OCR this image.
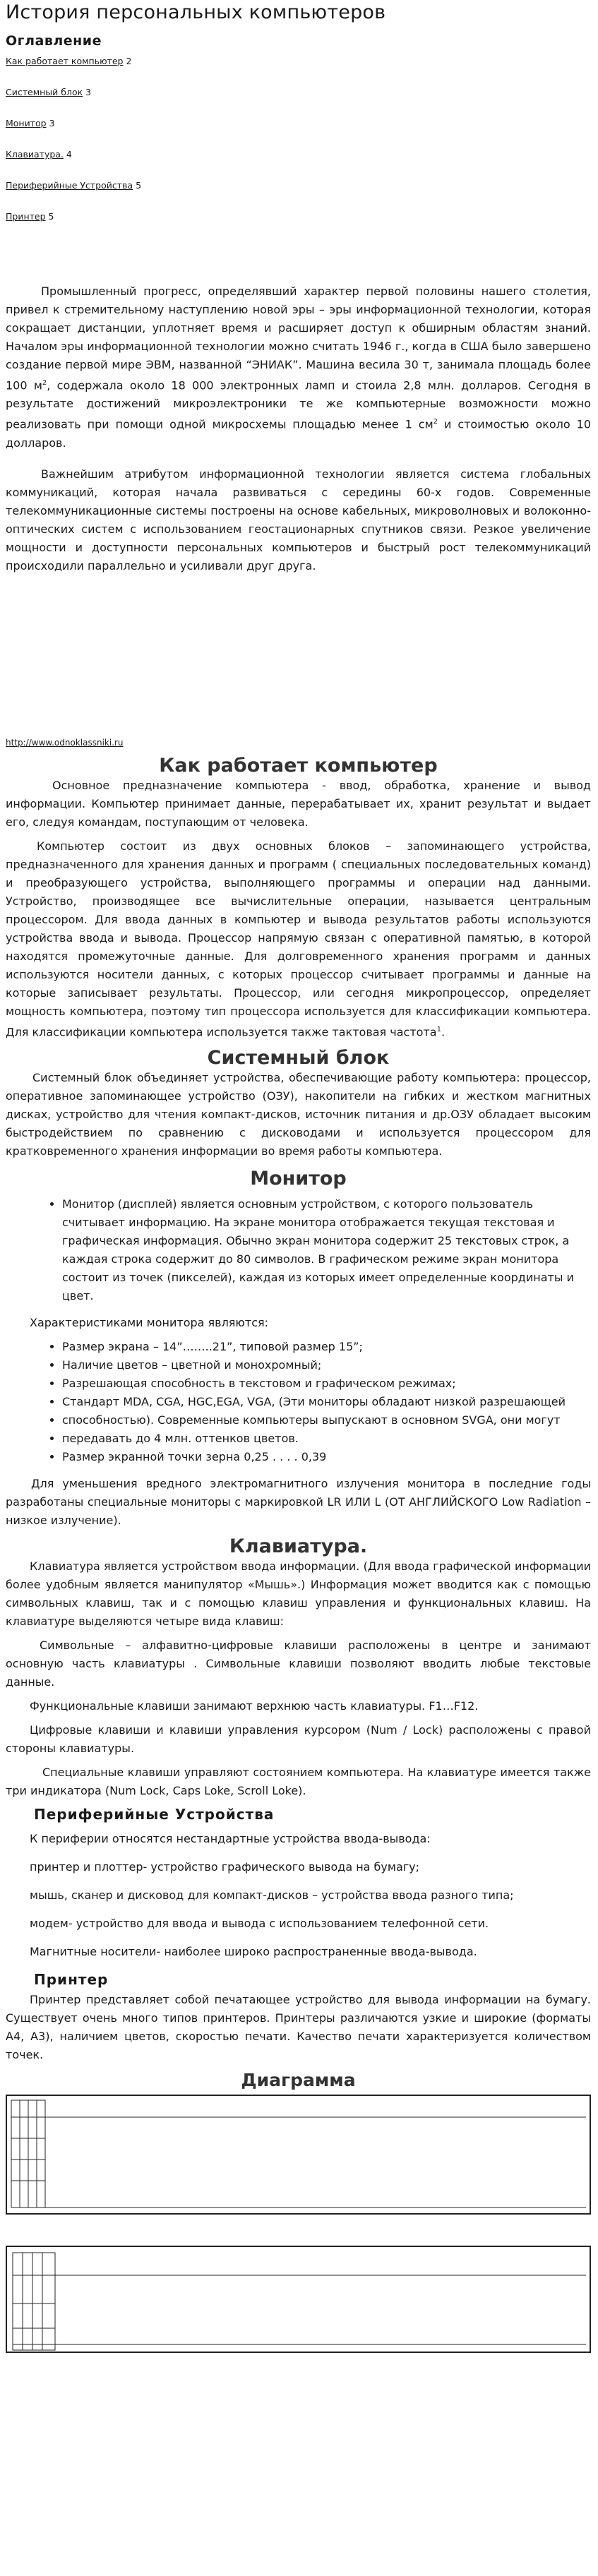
История персональных компьютеров
Оглавление
Как работает компьютер 2
Системный блок 3
Монитор 3
Клавиатура. 4
Периферийные Устройства 5
Принтер 5

Промышленный прогресс, определявший характер первой половины нашего столетия, привел к стремительному наступлению новой эры – эры информационной технологии, которая сокращает дистанции, уплотняет время и расширяет доступ к обширным областям знаний. Началом эры информационной технологии можно считать 1946 г., когда в США было завершено создание первой мире ЭВМ, названной “ЭНИАК”. Машина весила 30 т, занимала площадь более 100 $м^2$, содержала около 18 000 электронных ламп и стоила 2,8 млн. долларов. Сегодня в результате достижений микроэлектроники те же компьютерные возможности можно реализовать при помощи одной микросхемы площадью менее 1 $см^2$ и стоимостью около 10 долларов.

Важнейшим атрибутом информационной технологии является система глобальных коммуникаций, которая начала развиваться с середины 60-х годов. Современные телекоммуникационные системы построены на основе кабельных, микроволновых и волоконно-оптических систем с использованием геостационарных спутников связи. Резкое увеличение мощности и доступности персональных компьютеров и быстрый рост телекоммуникаций происходили параллельно и усиливали друг друга.

http://www.odnoklassniki.ru

Как работает компьютер

Основное предназначение компьютера - ввод, обработка, хранение и вывод информации. Компьютер принимает данные, перерабатывает их, хранит результат и выдает его, следуя командам, поступающим от человека.

Компьютер состоит из двух основных блоков – запоминающего устройства, предназначенного для хранения данных и программ ( специальных последовательных команд) и преобразующего устройства, выполняющего программы и операции над данными. Устройство, производящее все вычислительные операции, называется центральным процессором. Для ввода данных в компьютер и вывода результатов работы используются устройства ввода и вывода. Процессор напрямую связан с оперативной памятью, в которой находятся промежуточные данные. Для долговременного хранения программ и данных используются носители данных, с которых процессор считывает программы и данные на которые записывает результаты. Процессор, или сегодня микропроцессор, определяет мощность компьютера, поэтому тип процессора используется для классификации компьютера. Для классификации компьютера используется также тактовая частота$^1$.

Системный блок

Системный блок объединяет устройства, обеспечивающие работу компьютера: процессор, оперативное запоминающее устройство (ОЗУ), накопители на гибких и жестком магнитных дисках, устройство для чтения компакт-дисков, источник питания и др.ОЗУ обладает высоким быстродействием по сравнению с дисководами и используется процессором для кратковременного хранения информации во время работы компьютера.

Монитор
• Монитор (дисплей) является основным устройством, с которого пользователь считывает информацию. На экране монитора отображается текущая текстовая и графическая информация. Обычно экран монитора содержит 25 текстовых строк, а каждая строка содержит до 80 символов. В графическом режиме экран монитора состоит из точек (пикселей), каждая из которых имеет определенные координаты и цвет.

Характеристиками монитора являются:

• Размер экрана – 14”……..21”, типовой размер 15”;
• Наличие цветов – цветной и монохромный;
• Разрешающая способность в текстовом и графическом режимах;
• Стандарт MDA, CGA, HGC,EGA, VGA, (Эти мониторы обладают низкой разрешающей
• способностью). Современные компьютеры выпускают в основном SVGA, они могут
• передавать до 4 млн. оттенков цветов.
• Размер экранной точки зерна 0,25 . . . . 0,39

Для уменьшения вредного электромагнитного излучения монитора в последние годы разработаны специальные мониторы с маркировкой LR ИЛИ L (ОТ АНГЛИЙСКОГО Low Radiation – низкое излучение).

Клавиатура.

Клавиатура является устройством ввода информации. (Для ввода графической информации более удобным является манипулятор «Мышь».) Информация может вводится как с помощью символьных клавиш, так и с помощью клавиш управления и функциональных клавиш. На клавиатуре выделяются четыре вида клавиш:

Символьные – алфавитно-цифровые клавиши расположены в центре и занимают основную часть клавиатуры . Символьные клавиши позволяют вводить любые текстовые данные.

Функциональные клавиши занимают верхнюю часть клавиатуры. F1…F12.

Цифровые клавиши и клавиши управления курсором (Num / Lock) расположены с правой стороны клавиатуры.

Специальные клавиши управляют состоянием компьютера. На клавиатуре имеется также три индикатора (Num Lock, Caps Loke, Scroll Loke).

Периферийные Устройства

К периферии относятся нестандартные устройства ввода-вывода:

принтер и плоттер- устройство графического вывода на бумагу;

мышь, сканер и дисковод для компакт-дисков – устройства ввода разного типа;

модем- устройство для ввода и вывода с использованием телефонной сети.

Магнитные носители- наиболее широко распространенные ввода-вывода.

Принтер

Принтер представляет собой печатающее устройство для вывода информации на бумагу. Существует очень много типов принтеров. Принтеры различаются узкие и широкие (форматы А4, А3), наличием цветов, скоростью печати. Качество печати характеризуется количеством точек.

Диаграмма
